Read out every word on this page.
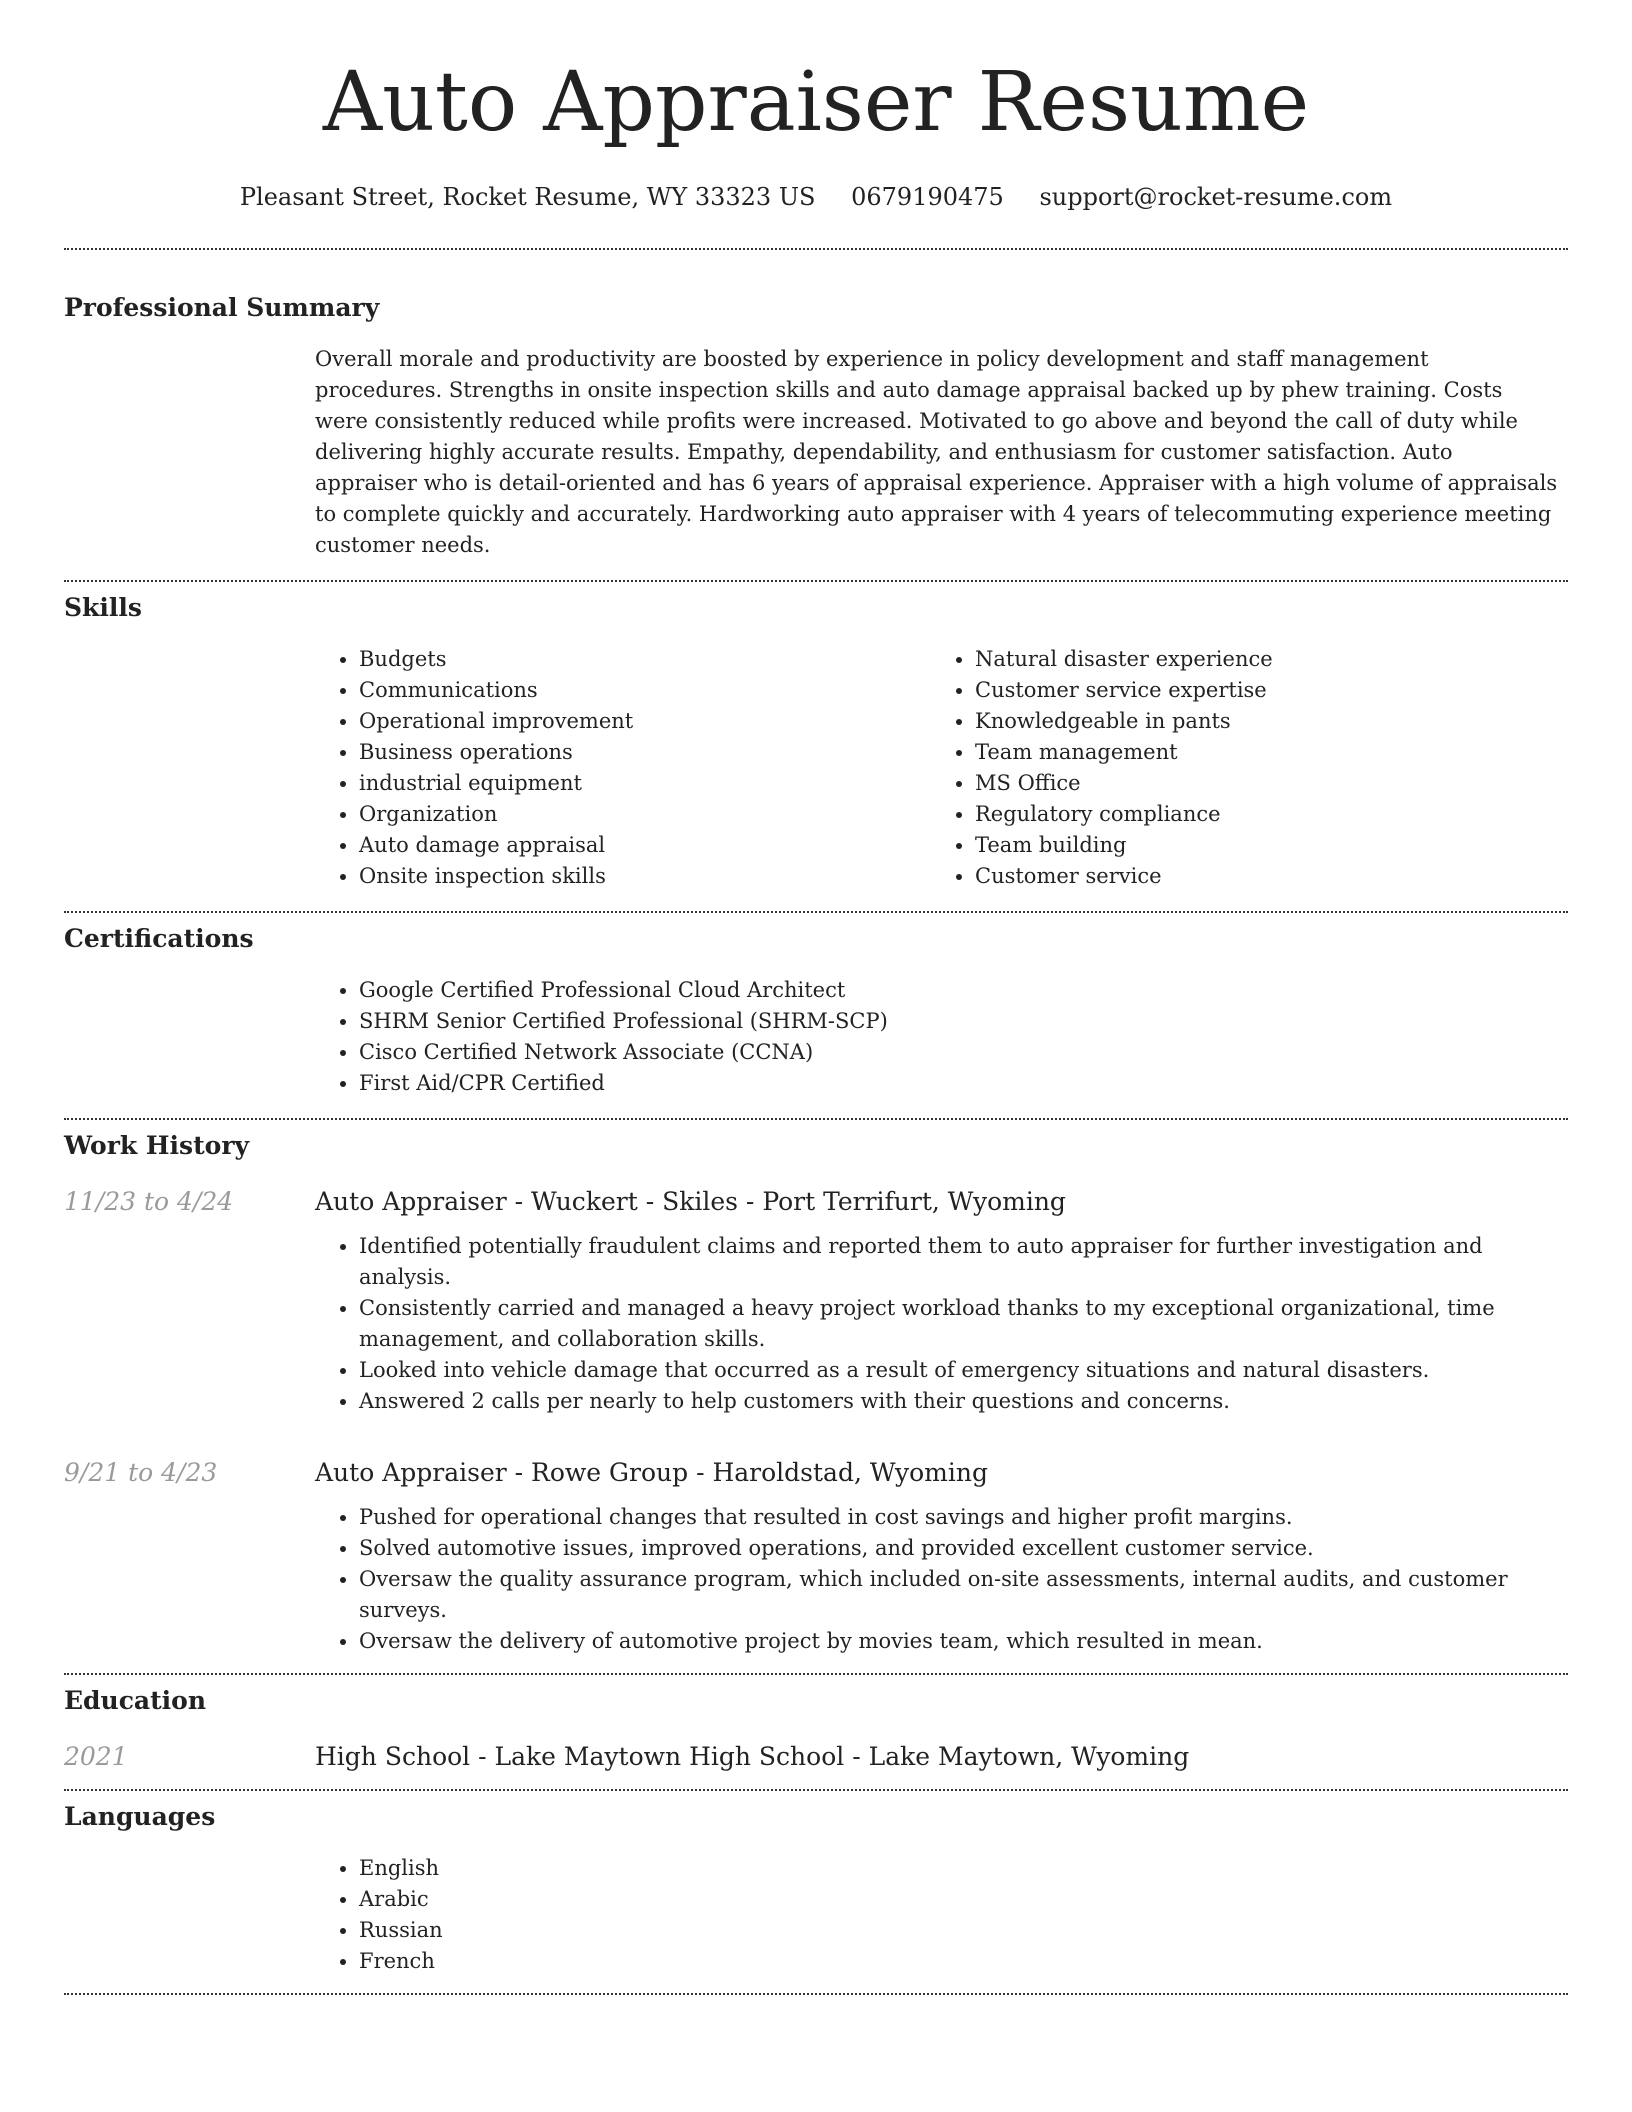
Auto Appraiser Resume
Pleasant Street, Rocket Resume, WY 33323 US 0679190475 support@rocket-resume.com
Professional Summary
Overall morale and productivity are boosted by experience in policy development and staff management procedures. Strengths in onsite inspection skills and auto damage appraisal backed up by phew training. Costs were consistently reduced while profits were increased. Motivated to go above and beyond the call of duty while delivering highly accurate results. Empathy, dependability, and enthusiasm for customer satisfaction. Auto appraiser who is detail-oriented and has 6 years of appraisal experience. Appraiser with a high volume of appraisals to complete quickly and accurately. Hardworking auto appraiser with 4 years of telecommuting experience meeting customer needs.
Skills
• Budgets
• Communications
• Operational improvement
• Business operations
• industrial equipment
• Organization
• Auto damage appraisal
• Onsite inspection skills
• Natural disaster experience
• Customer service expertise
• Knowledgeable in pants
• Team management
• MS Office
• Regulatory compliance
• Team building
• Customer service
Certifications
• Google Certified Professional Cloud Architect
• SHRM Senior Certified Professional (SHRM-SCP)
• Cisco Certified Network Associate (CCNA)
• First Aid/CPR Certified
Work History
11/23 to 4/24	Auto Appraiser - Wuckert - Skiles - Port Terrifurt, Wyoming
• Identified potentially fraudulent claims and reported them to auto appraiser for further investigation and analysis.
• Consistently carried and managed a heavy project workload thanks to my exceptional organizational, time management, and collaboration skills.
• Looked into vehicle damage that occurred as a result of emergency situations and natural disasters.
• Answered 2 calls per nearly to help customers with their questions and concerns.
9/21 to 4/23	Auto Appraiser - Rowe Group - Haroldstad, Wyoming
• Pushed for operational changes that resulted in cost savings and higher profit margins.
• Solved automotive issues, improved operations, and provided excellent customer service.
• Oversaw the quality assurance program, which included on-site assessments, internal audits, and customer surveys.
• Oversaw the delivery of automotive project by movies team, which resulted in mean.
Education
2021	High School - Lake Maytown High School - Lake Maytown, Wyoming
Languages
• English
• Arabic
• Russian
• French
